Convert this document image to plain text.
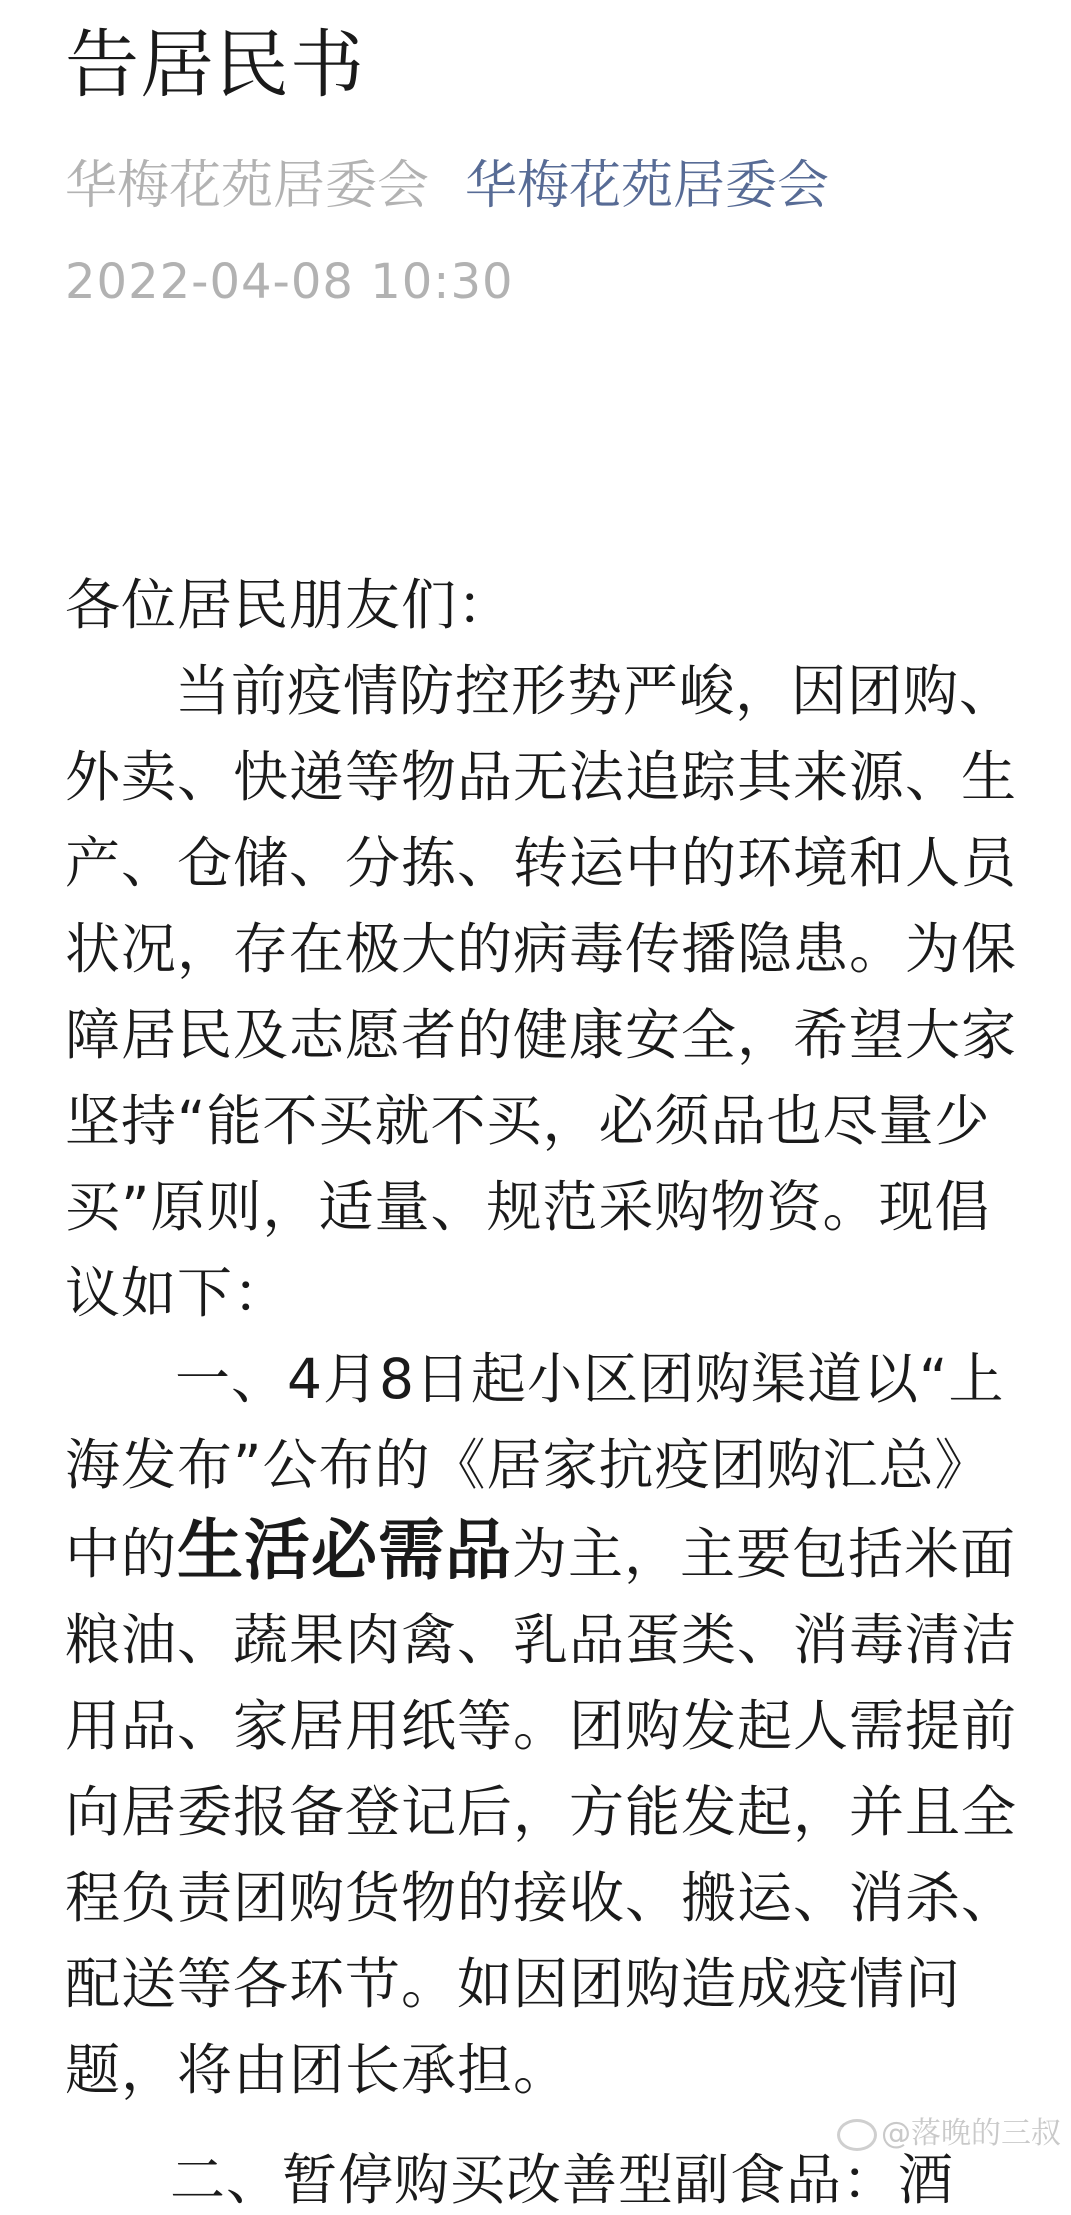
告居民书
华梅花苑居委会 华梅花苑居委会
2022-04-08 10:30

各位居民朋友们：

当前疫情防控形势严峻，因团购、外卖、快递等物品无法追踪其来源、生产、仓储、分拣、转运中的环境和人员状况，存在极大的病毒传播隐患。为保障居民及志愿者的健康安全，希望大家坚持“能不买就不买，必须品也尽量少买”原则，适量、规范采购物资。现倡议如下：

一、4月8日起小区团购渠道以“上海发布”公布的《居家抗疫团购汇总》中的生活必需品为主，主要包括米面粮油、蔬果肉禽、乳品蛋类、消毒清洁用品、家居用纸等。团购发起人需提前向居委报备登记后，方能发起，并且全程负责团购货物的接收、搬运、消杀、配送等各环节。如因团购造成疫情问题，将由团长承担。

二、暂停购买改善型副食品：酒
@落晚的三叔
